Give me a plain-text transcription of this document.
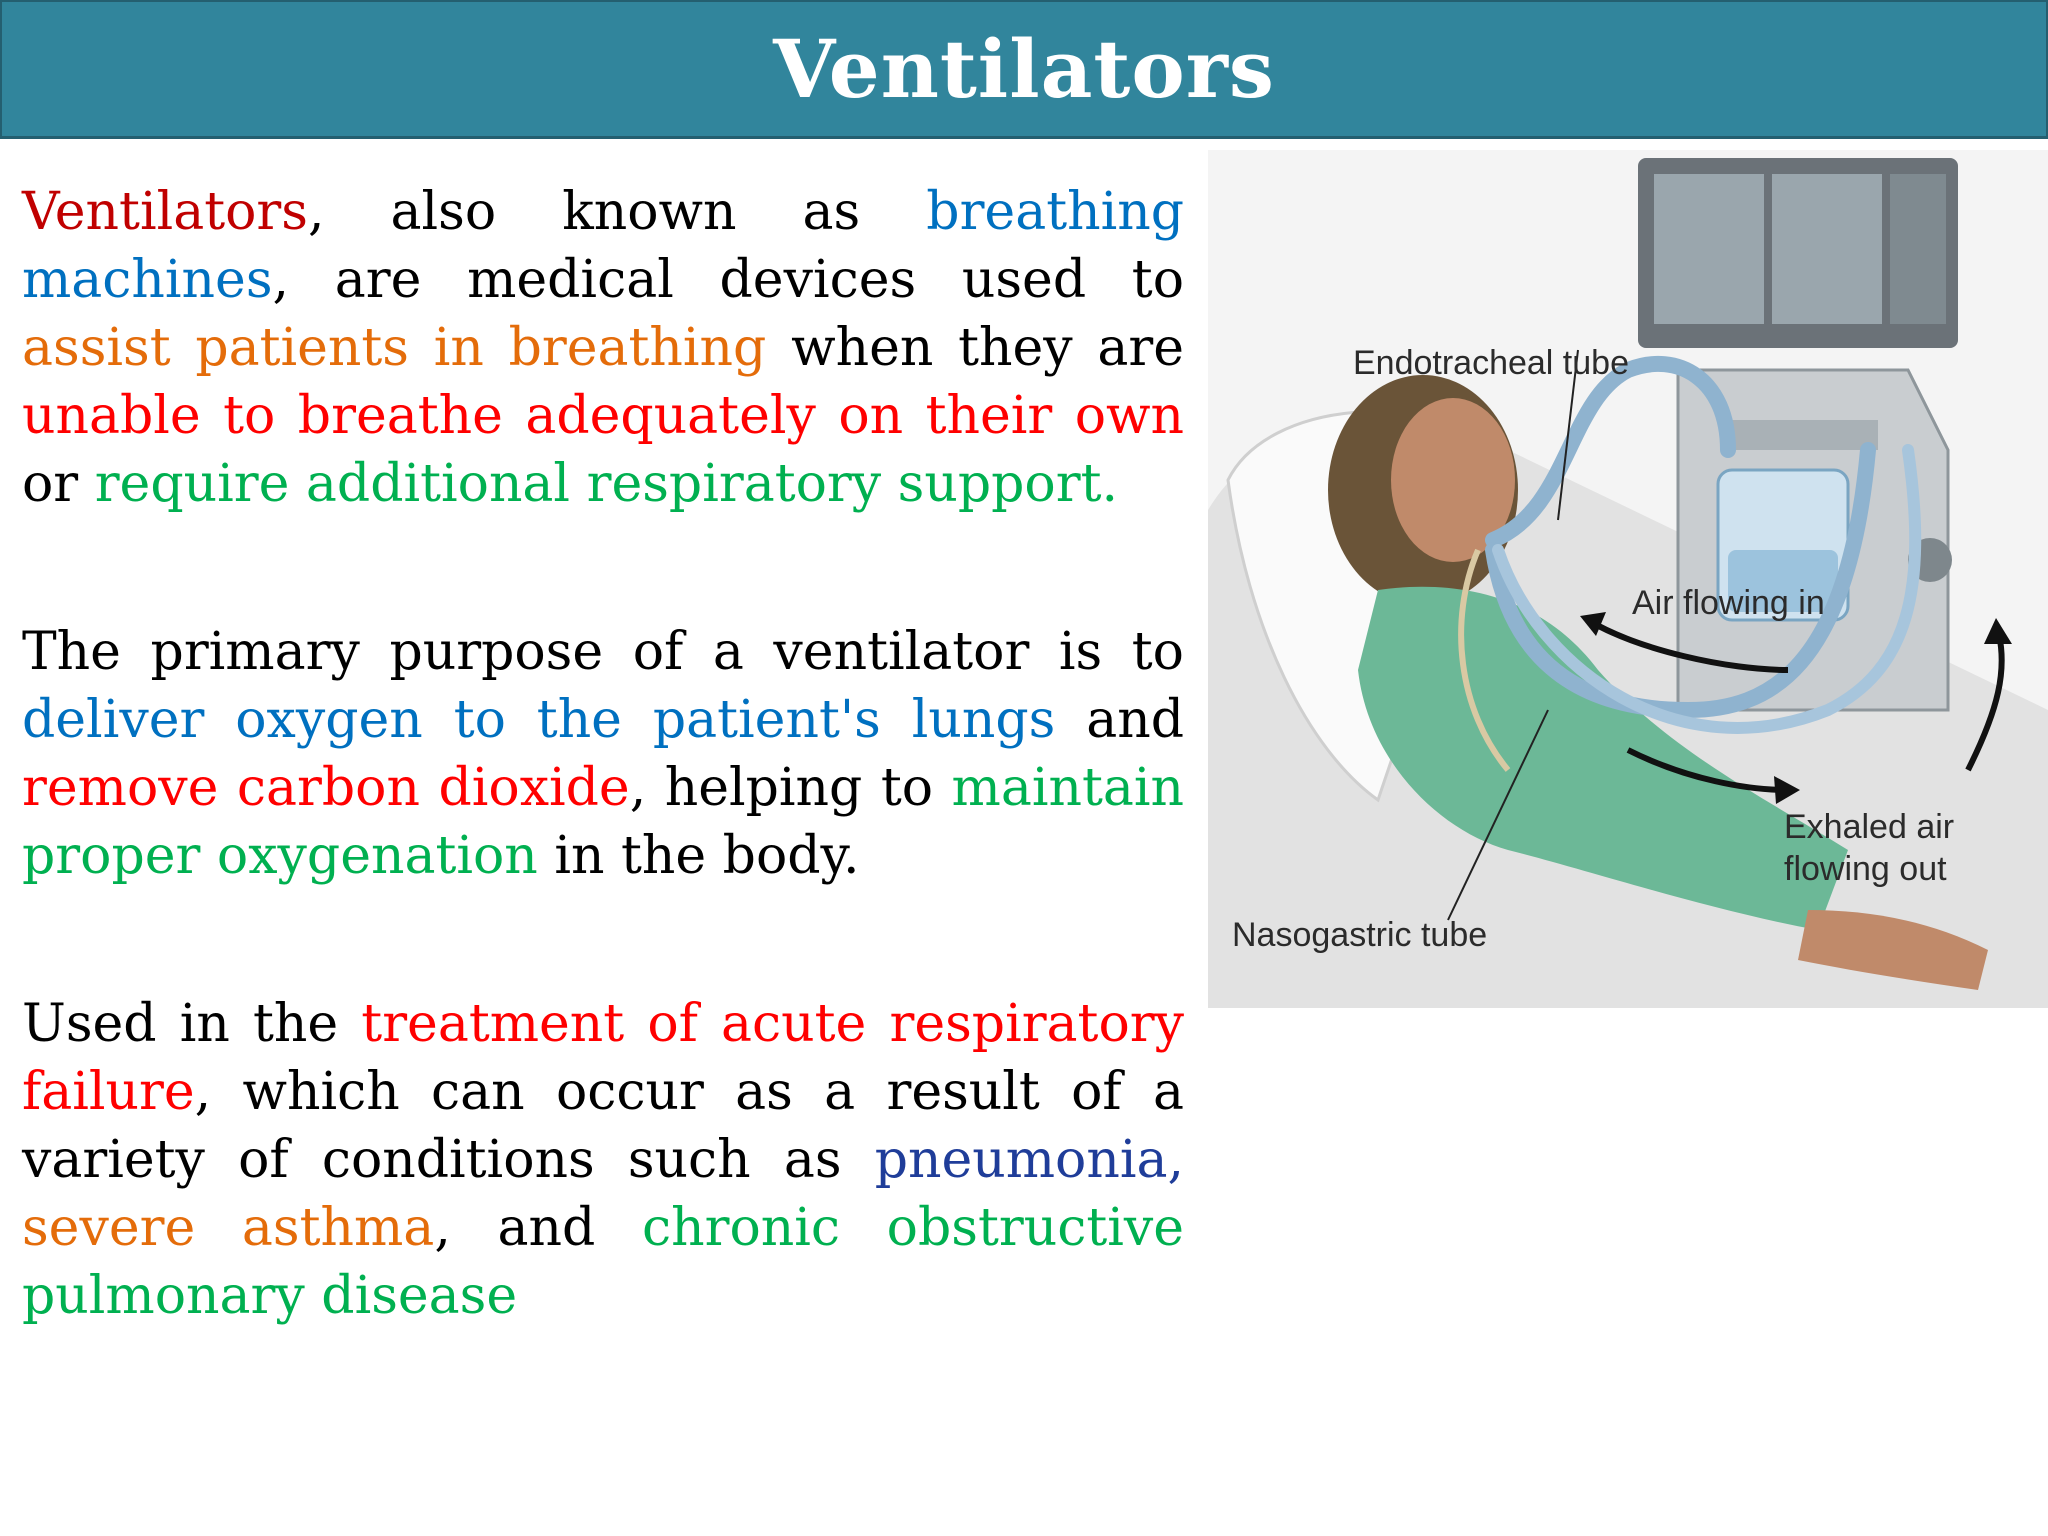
Ventilators

Ventilators, also known as breathing machines, are medical devices used to assist patients in breathing when they are unable to breathe adequately on their own or require additional respiratory support.

The primary purpose of a ventilator is to deliver oxygen to the patient's lungs and remove carbon dioxide, helping to maintain proper oxygenation in the body.

Used in the treatment of acute respiratory failure, which can occur as a result of a variety of conditions such as pneumonia, severe asthma, and chronic obstructive pulmonary disease

Endotracheal tube
Air flowing in
Exhaled air
flowing out
Nasogastric tube
